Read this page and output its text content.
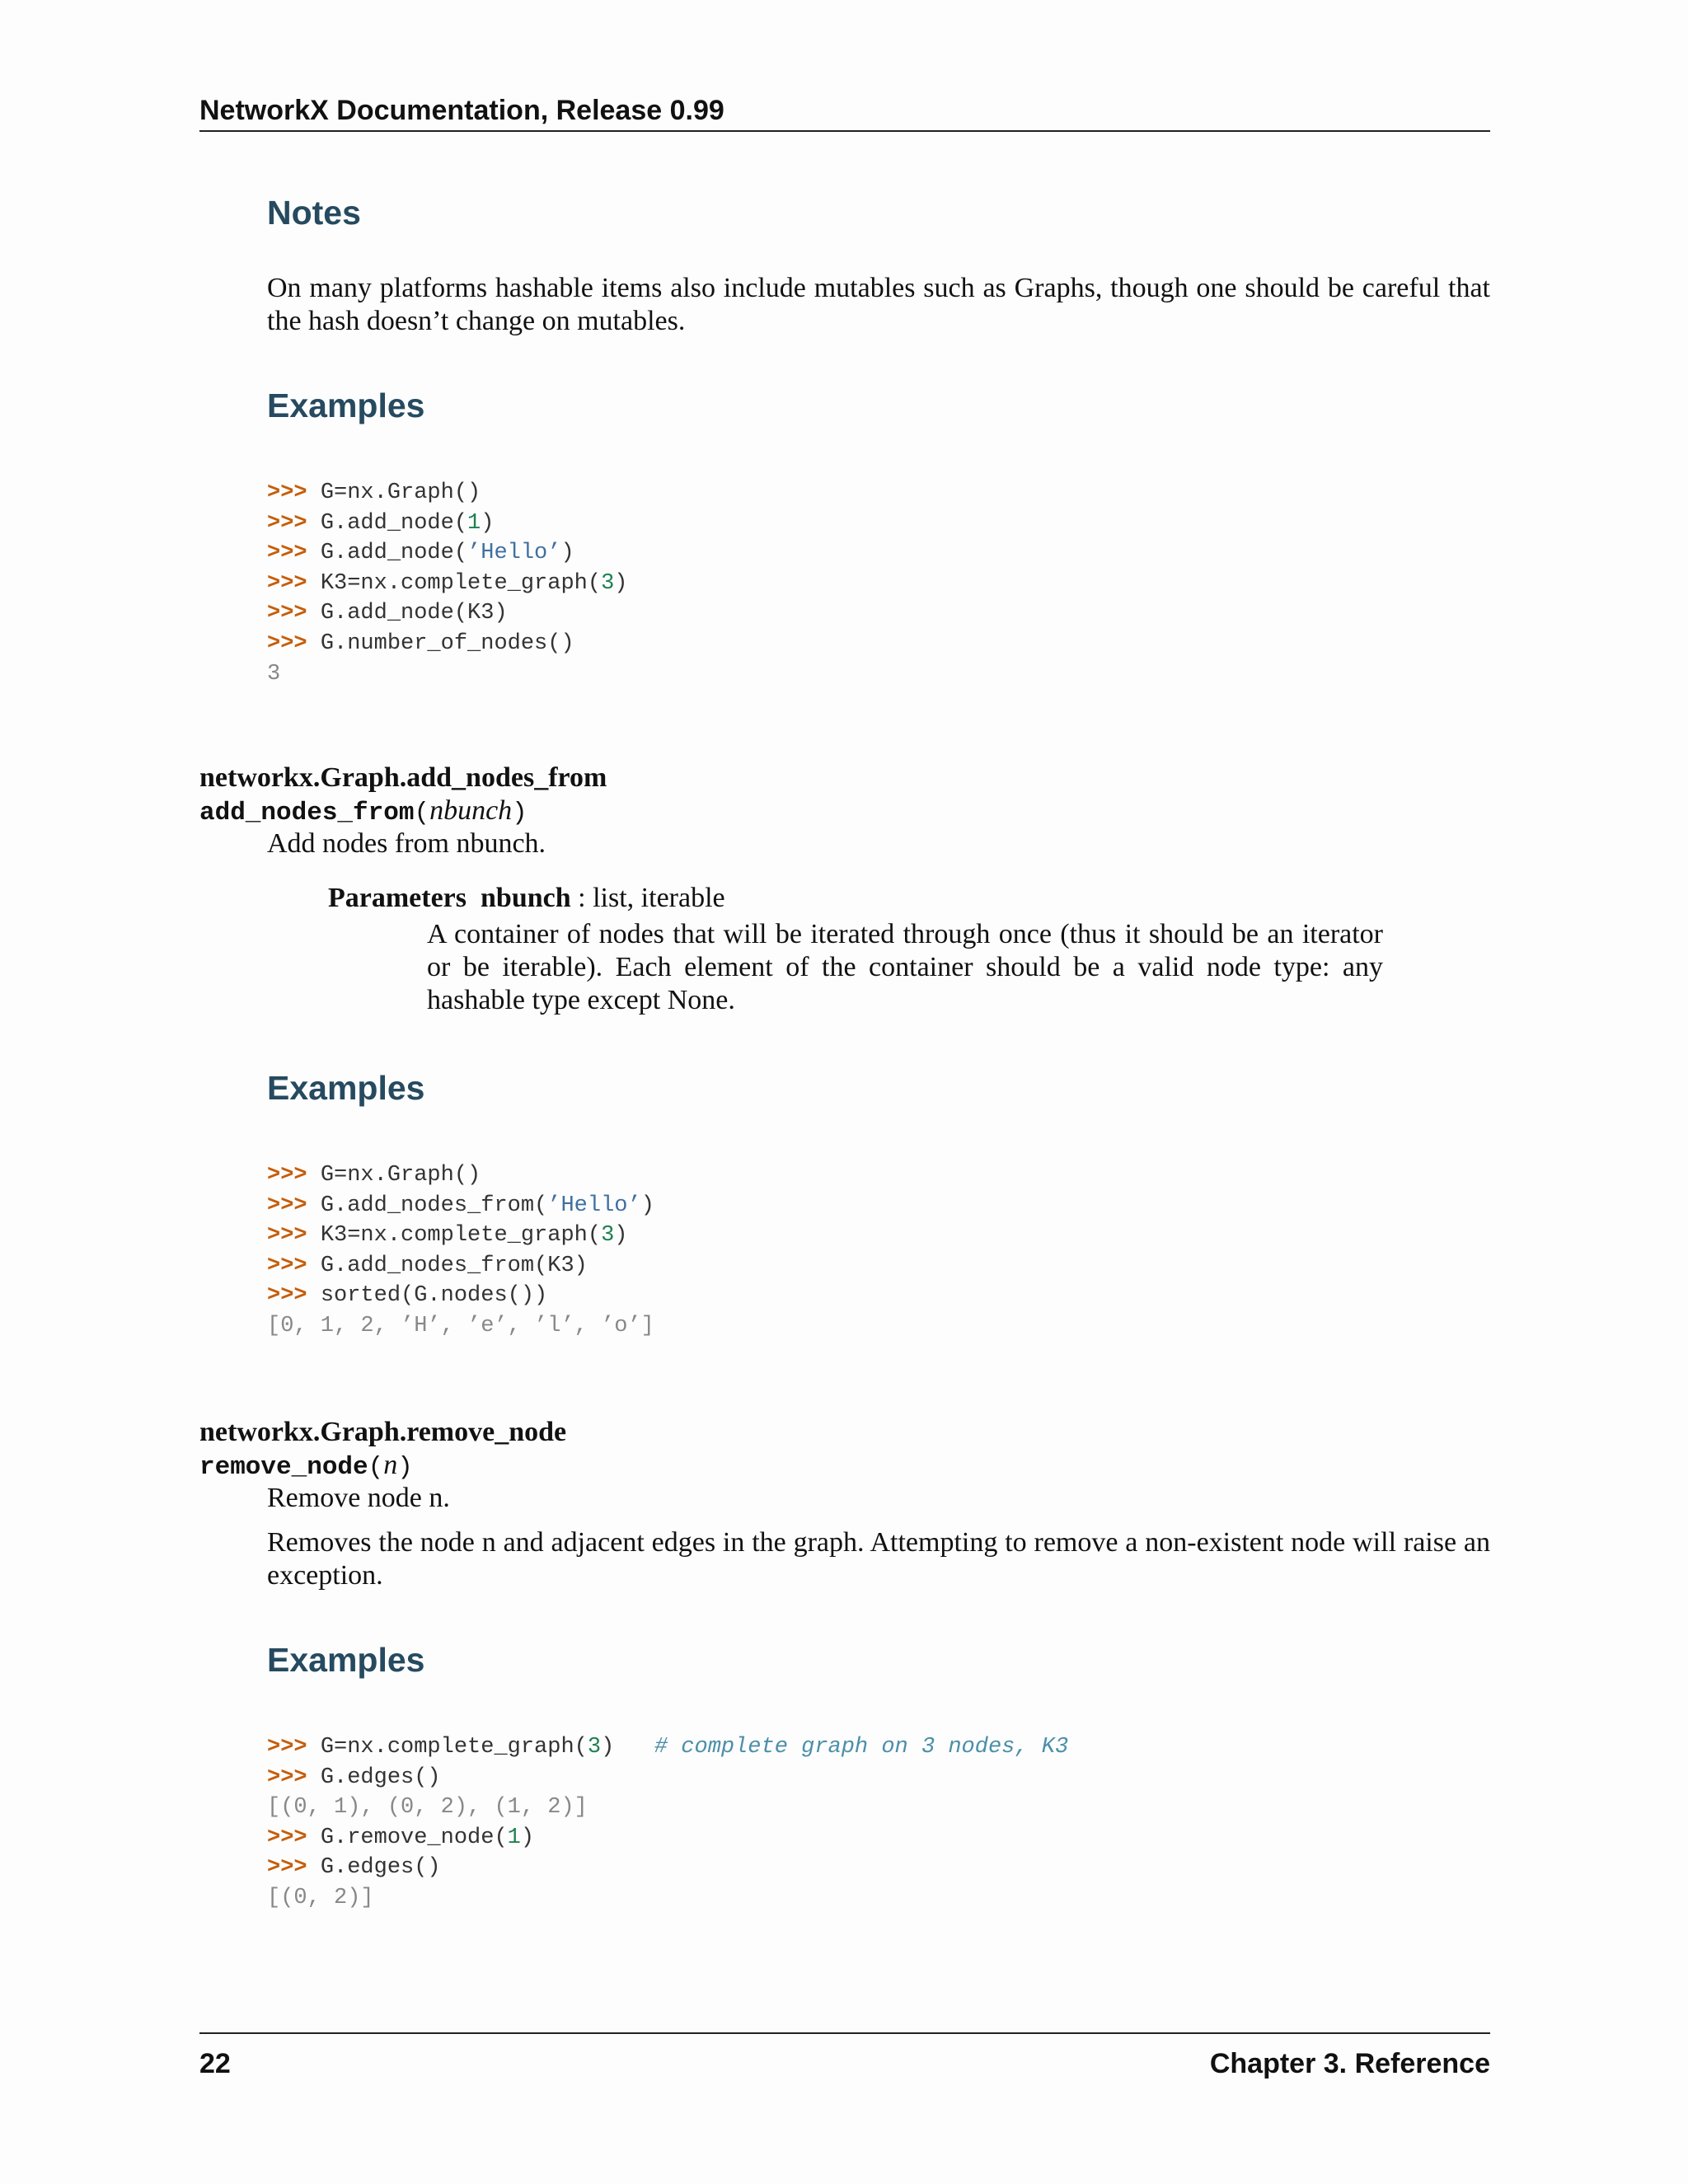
NetworkX Documentation, Release 0.99
Notes
On many platforms hashable items also include mutables such as Graphs, though one should be careful that the hash doesn’t change on mutables.
Examples
>>> G=nx.Graph()
>>> G.add_node(1)
>>> G.add_node(’Hello’)
>>> K3=nx.complete_graph(3)
>>> G.add_node(K3)
>>> G.number_of_nodes()
3
networkx.Graph.add_nodes_from
add_nodes_from(nbunch)
Add nodes from nbunch.
Parameters nbunch : list, iterable
A container of nodes that will be iterated through once (thus it should be an iterator or be iterable). Each element of the container should be a valid node type: any hashable type except None.
Examples
>>> G=nx.Graph()
>>> G.add_nodes_from(’Hello’)
>>> K3=nx.complete_graph(3)
>>> G.add_nodes_from(K3)
>>> sorted(G.nodes())
[0, 1, 2, ’H’, ’e’, ’l’, ’o’]
networkx.Graph.remove_node
remove_node(n)
Remove node n.
Removes the node n and adjacent edges in the graph. Attempting to remove a non-existent node will raise an exception.
Examples
>>> G=nx.complete_graph(3)   # complete graph on 3 nodes, K3
>>> G.edges()
[(0, 1), (0, 2), (1, 2)]
>>> G.remove_node(1)
>>> G.edges()
[(0, 2)]
22	Chapter 3. Reference
